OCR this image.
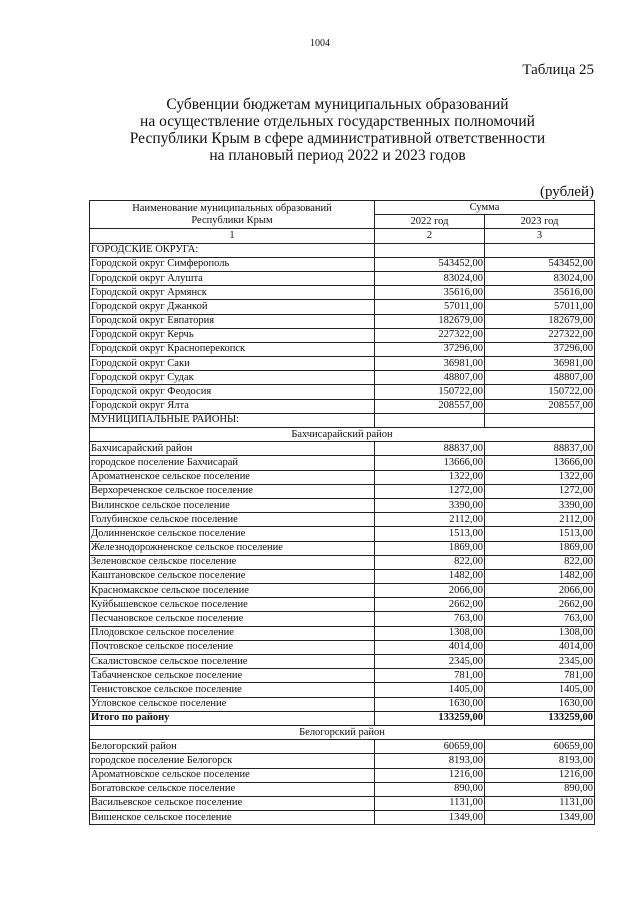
1004
Таблица 25
Субвенции бюджетам муниципальных образований
на осуществление отдельных государственных полномочий
Республики Крым в сфере административной ответственности
на плановый период 2022 и 2023 годов
(рублей)
Наименование муниципальных образований
Республики Крым	Сумма	
	2022 год	2023 год
1	2	3
ГОРОДСКИЕ ОКРУГА:		
Городской округ Симферополь	543452,00	543452,00
Городской округ Алушта	83024,00	83024,00
Городской округ Армянск	35616,00	35616,00
Городской округ Джанкой	57011,00	57011,00
Городской округ Евпатория	182679,00	182679,00
Городской округ Керчь	227322,00	227322,00
Городской округ Красноперекопск	37296,00	37296,00
Городской округ Саки	36981,00	36981,00
Городской округ Судак	48807,00	48807,00
Городской округ Феодосия	150722,00	150722,00
Городской округ Ялта	208557,00	208557,00
МУНИЦИПАЛЬНЫЕ РАЙОНЫ:		
Бахчисарайский район		
Бахчисарайский район	88837,00	88837,00
городское поселение Бахчисарай	13666,00	13666,00
Ароматненское сельское поселение	1322,00	1322,00
Верхореченское сельское поселение	1272,00	1272,00
Вилинское сельское поселение	3390,00	3390,00
Голубинское сельское поселение	2112,00	2112,00
Долинненское сельское поселение	1513,00	1513,00
Железнодорожненское сельское поселение	1869,00	1869,00
Зеленовское сельское поселение	822,00	822,00
Каштановское сельское поселение	1482,00	1482,00
Красномакское сельское поселение	2066,00	2066,00
Куйбышевское сельское поселение	2662,00	2662,00
Песчановское сельское поселение	763,00	763,00
Плодовское сельское поселение	1308,00	1308,00
Почтовское сельское поселение	4014,00	4014,00
Скалистовское сельское поселение	2345,00	2345,00
Табачненское сельское поселение	781,00	781,00
Тенистовское сельское поселение	1405,00	1405,00
Угловское сельское поселение	1630,00	1630,00
Итого по району	133259,00	133259,00
Белогорский район		
Белогорский район	60659,00	60659,00
городское поселение Белогорск	8193,00	8193,00
Ароматновское сельское поселение	1216,00	1216,00
Богатовское сельское поселение	890,00	890,00
Васильевское сельское поселение	1131,00	1131,00
Вишенское сельское поселение	1349,00	1349,00
